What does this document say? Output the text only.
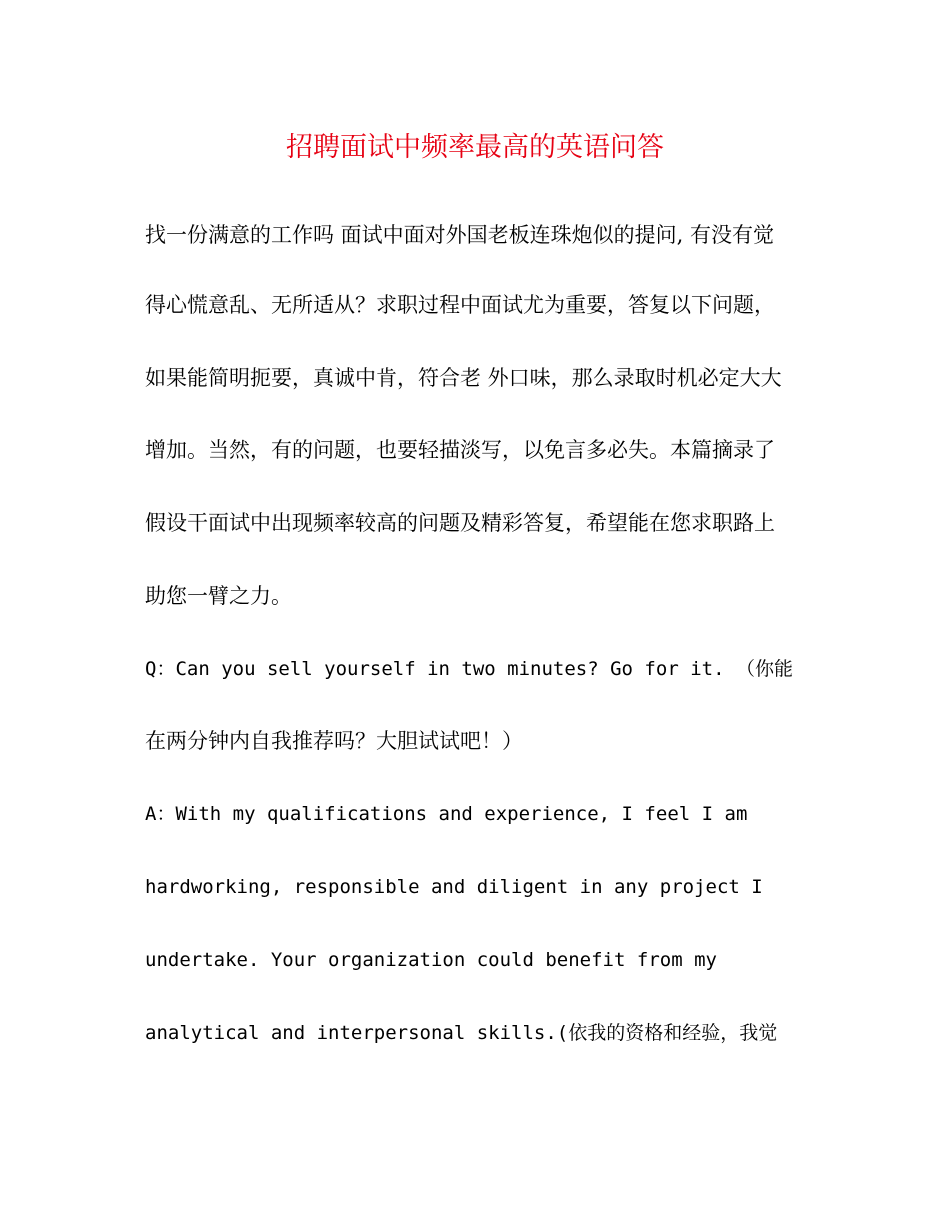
招聘面试中频率最高的英语问答
找一份满意的工作吗 面试中面对外国老板连珠炮似的提问, 有没有觉
得心慌意乱、无所适从？求职过程中面试尤为重要，答复以下问题，
如果能简明扼要，真诚中肯，符合老 外口味，那么录取时机必定大大
增加。当然，有的问题，也要轻描淡写，以免言多必失。本篇摘录了
假设干面试中出现频率较高的问题及精彩答复，希望能在您求职路上
助您一臂之力。
Q：Can you sell yourself in two minutes? Go for it. （你能
在两分钟内自我推荐吗？大胆试试吧！）
A：With my qualifications and experience, I feel I am
hardworking, responsible and diligent in any project I
undertake. Your organization could benefit from my
analytical and interpersonal skills.(依我的资格和经验，我觉
